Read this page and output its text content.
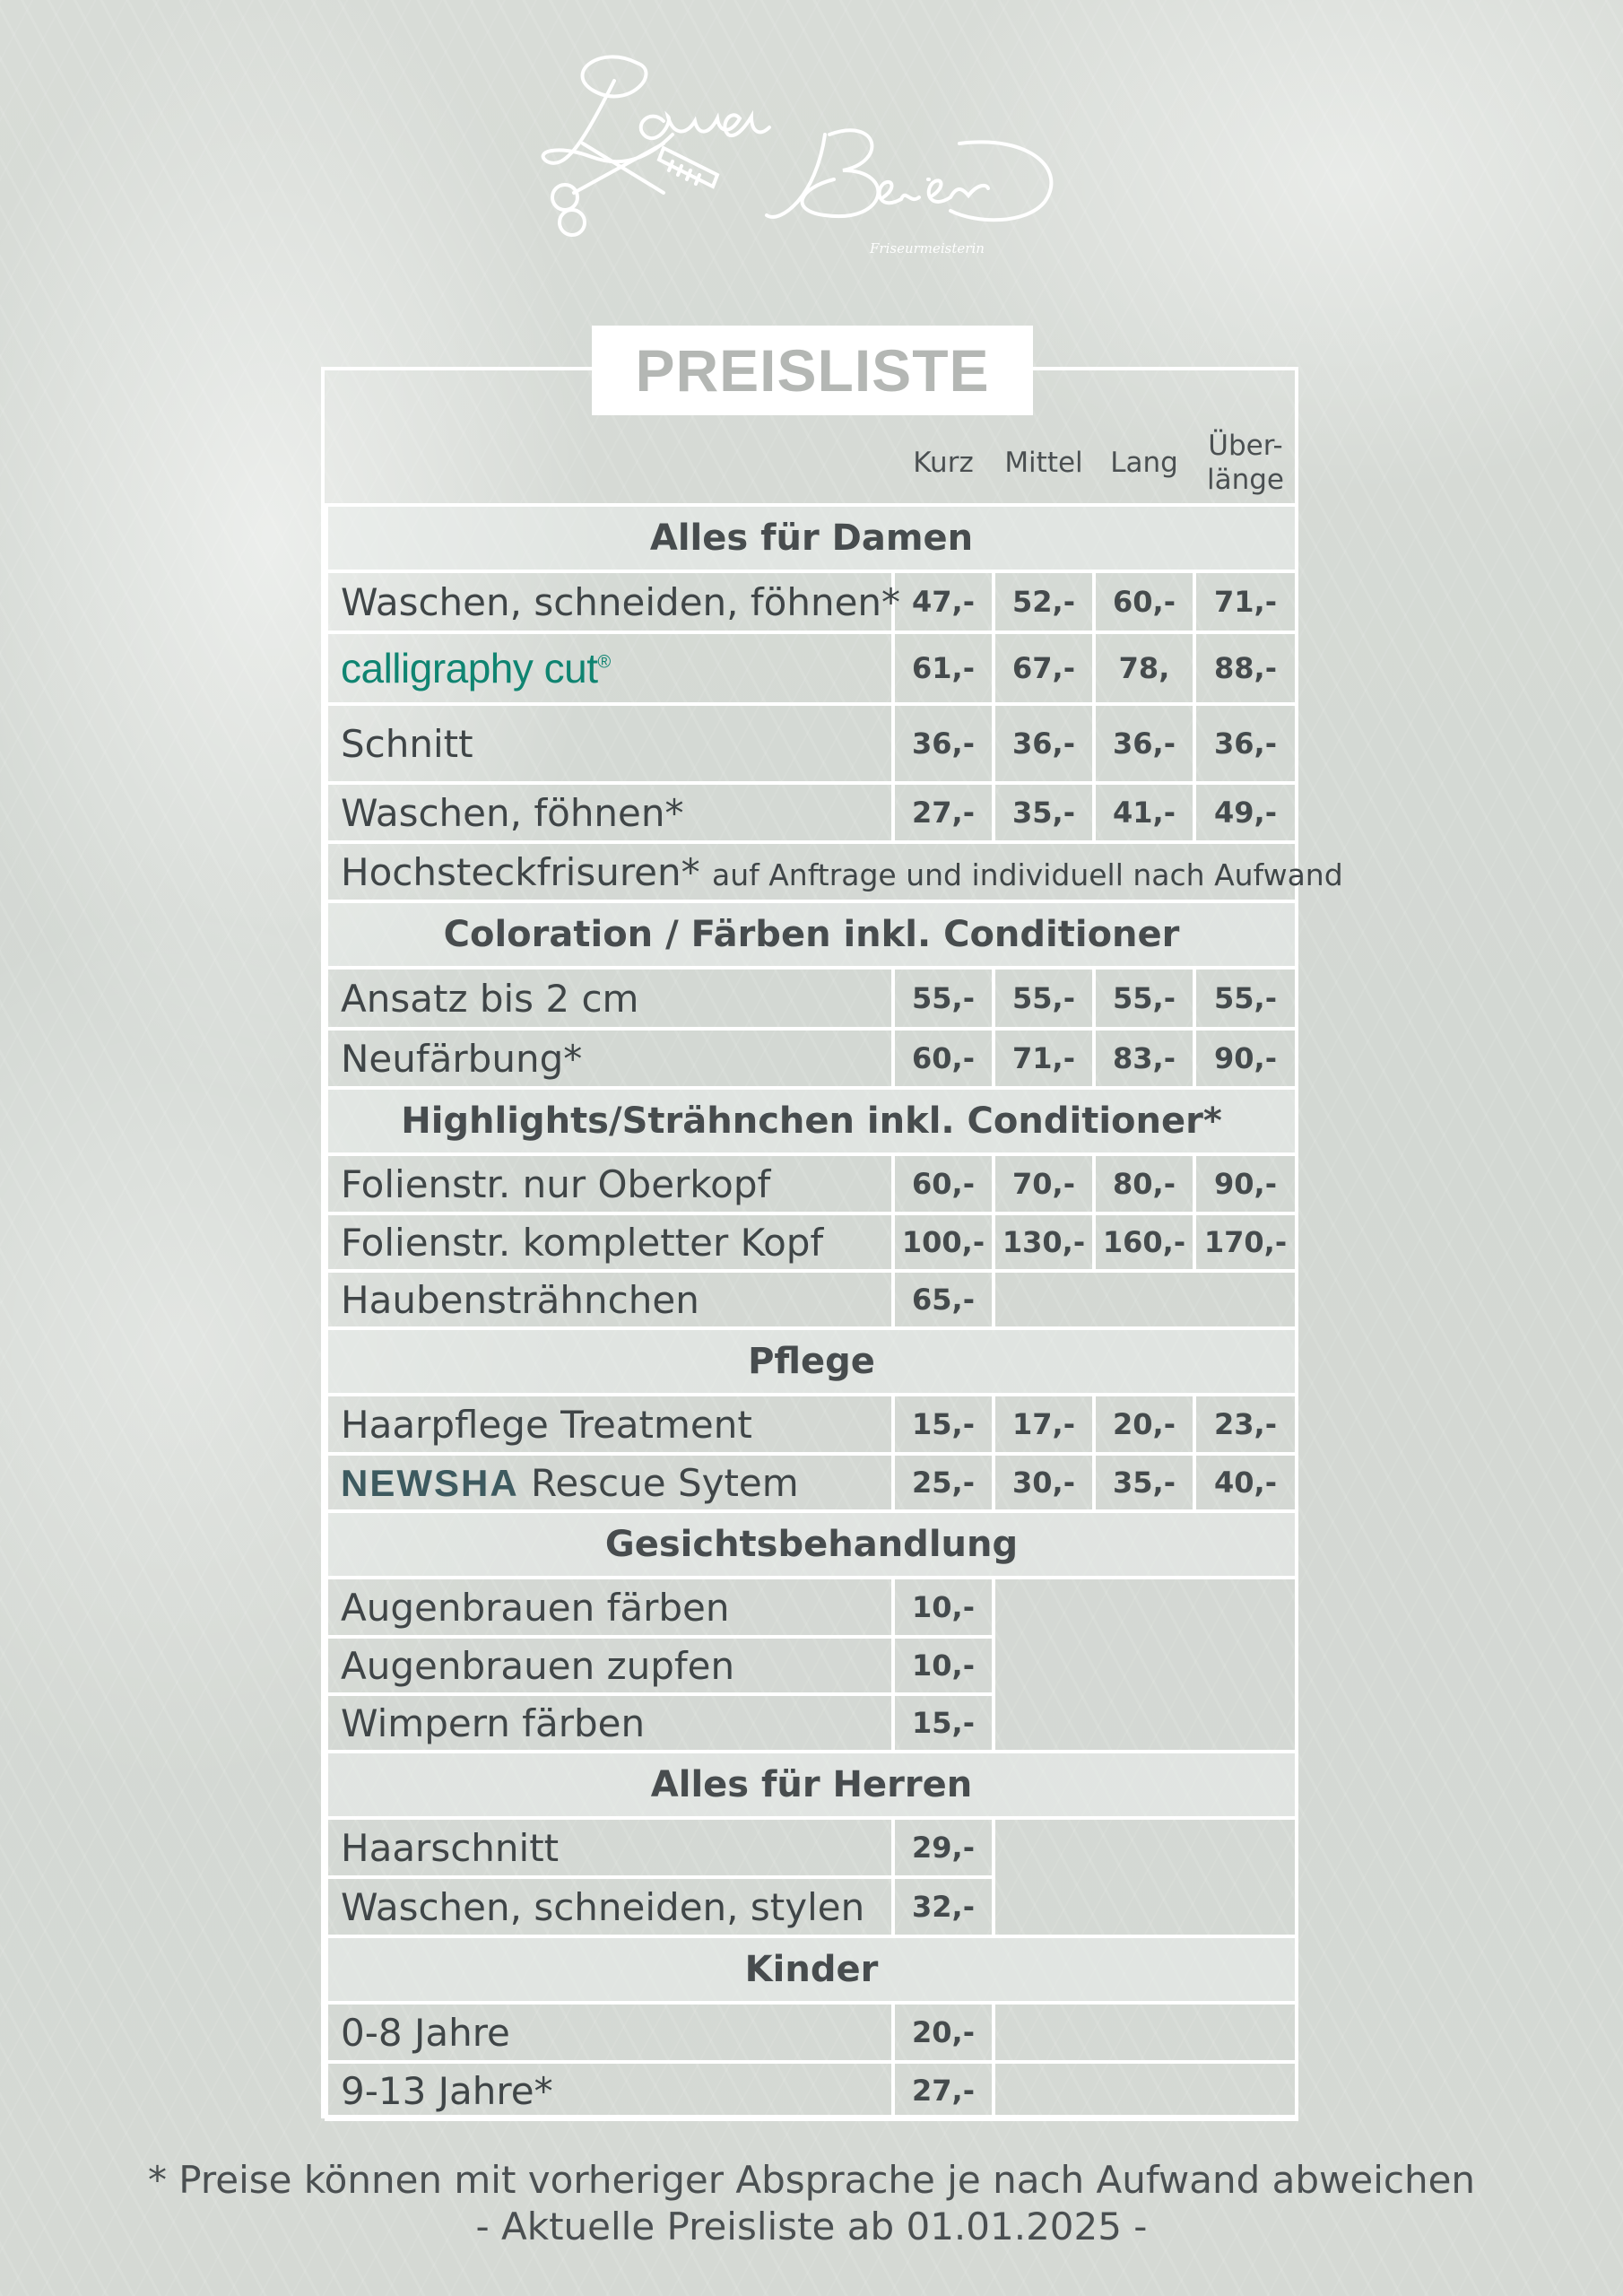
Friseurmeisterin
PREISLISTE
	Kurz	Mittel	Lang	Über-
länge
Alles für Damen				
Waschen, schneiden, föhnen*	47,-	52,-	60,-	71,-
calligraphy cut®	61,-	67,-	78,	88,-
Schnitt	36,-	36,-	36,-	36,-
Waschen, föhnen*	27,-	35,-	41,-	49,-
Hochsteckfrisuren* auf Anftrage und individuell nach Aufwand				
Coloration / Färben inkl. Conditioner				
Ansatz bis 2 cm	55,-	55,-	55,-	55,-
Neufärbung*	60,-	71,-	83,-	90,-
Highlights/Strähnchen inkl. Conditioner*				
Folienstr. nur Oberkopf	60,-	70,-	80,-	90,-
Folienstr. kompletter Kopf	100,-	130,-	160,-	170,-
Haubensträhnchen	65,-			
Pflege				
Haarpflege Treatment	15,-	17,-	20,-	23,-
NEWSHA Rescue Sytem	25,-	30,-	35,-	40,-
Gesichtsbehandlung				
Augenbrauen färben	10,-			
Augenbrauen zupfen	10,-			
Wimpern färben	15,-			
Alles für Herren				
Haarschnitt	29,-			
Waschen, schneiden, stylen	32,-			
Kinder				
0-8 Jahre	20,-			
9-13 Jahre*	27,-			
* Preise können mit vorheriger Absprache je nach Aufwand abweichen
- Aktuelle Preisliste ab 01.01.2025 -
